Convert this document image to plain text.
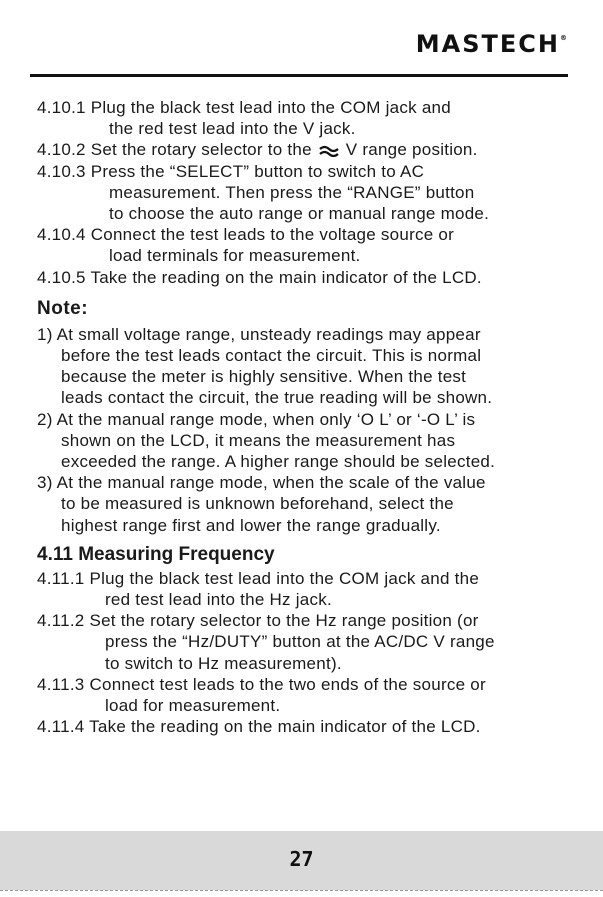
MASTECH®
4.10.1 Plug the black test lead into the COM jack and
the red test lead into the V jack.
4.10.2 Set the rotary selector to the  V range position.
4.10.3 Press the “SELECT” button to switch to AC
measurement. Then press the “RANGE” button
to choose the auto range or manual range mode.
4.10.4 Connect the test leads to the voltage source or
load terminals for measurement.
4.10.5 Take the reading on the main indicator of the LCD.
Note:
1) At small voltage range, unsteady readings may appear
before the test leads contact the circuit. This is normal
because the meter is highly sensitive. When the test
leads contact the circuit, the true reading will be shown.
2) At the manual range mode, when only ‘O L’ or ‘-O L’ is
shown on the LCD, it means the measurement has
exceeded the range. A higher range should be selected.
3) At the manual range mode, when the scale of the value
to be measured is unknown beforehand, select the
highest range first and lower the range gradually.
4.11 Measuring Frequency
4.11.1 Plug the black test lead into the COM jack and the
red test lead into the Hz jack.
4.11.2 Set the rotary selector to the Hz range position (or
press the “Hz/DUTY” button at the AC/DC V range
to switch to Hz measurement).
4.11.3 Connect test leads to the two ends of the source or
load for measurement.
4.11.4 Take the reading on the main indicator of the LCD.
27
